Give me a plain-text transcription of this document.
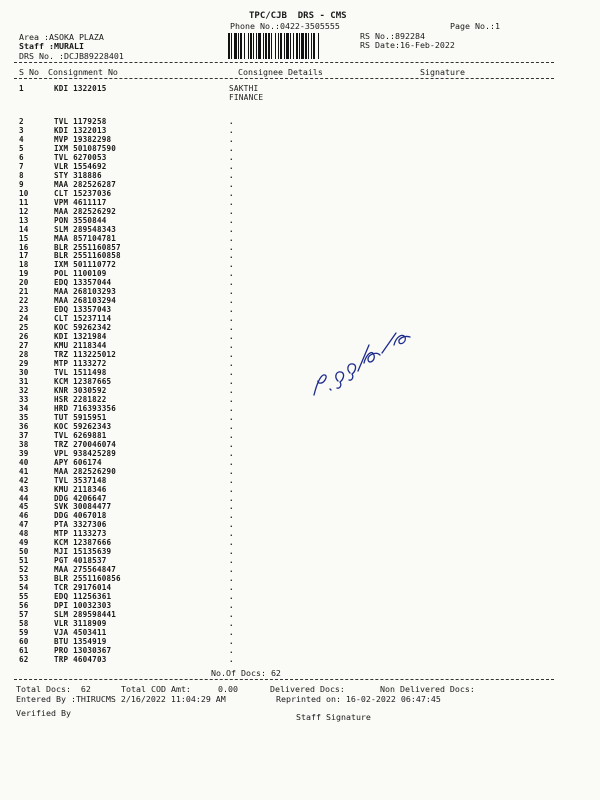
TPC/CJB  DRS - CMS
Phone No.:0422-3505555	Page No.:1
Area :ASOKA PLAZA
Staff :MURALI
DRS No. :DCJB89228401
RS No.:892284
RS Date:16-Feb-2022
S No Consignment No	Consignee Details	Signature
1	KDI 1322015	SAKTHI FINANCE
2	TVL 1179258	.
3	KDI 1322013	.
4	MVP 19382298	.
5	IXM 501087590	.
6	TVL 6270053	.
7	VLR 1554692	.
8	STY 318886	.
9	MAA 282526287	.
10	CLT 15237036	.
11	VPM 4611117	.
12	MAA 282526292	.
13	PON 3550844	.
14	SLM 289548343	.
15	MAA 857104781	.
16	BLR 2551160857	.
17	BLR 2551160858	.
18	IXM 501110772	.
19	POL 1100109	.
20	EDQ 13357044	.
21	MAA 268103293	.
22	MAA 268103294	.
23	EDQ 13357043	.
24	CLT 15237114	.
25	KOC 59262342	.
26	KDI 1321984	.
27	KMU 2118344	.
28	TRZ 113225012	.
29	MTP 1133272	.
30	TVL 1511498	.
31	KCM 12387665	.
32	KNR 3030592	.
33	HSR 2281822	.
34	HRD 716393356	.
35	TUT 5915951	.
36	KOC 59262343	.
37	TVL 6269881	.
38	TRZ 270046074	.
39	VPL 938425289	.
40	APY 606174	.
41	MAA 282526290	.
42	TVL 3537148	.
43	KMU 2118346	.
44	DDG 4206647	.
45	SVK 30084477	.
46	DDG 4067018	.
47	PTA 3327306	.
48	MTP 1133273	.
49	KCM 12387666	.
50	MJI 15135639	.
51	PGT 4018537	.
52	MAA 275564847	.
53	BLR 2551160856	.
54	TCR 29176014	.
55	EDQ 11256361	.
56	DPI 10032303	.
57	SLM 289598441	.
58	VLR 3118909	.
59	VJA 4503411	.
60	BTU 1354919	.
61	PRO 13030367	.
62	TRP 4604703	.
No.Of Docs: 62
Total Docs:  62	Total COD Amt:	0.00	Delivered Docs:	Non Delivered Docs:
Entered By :THIRUCMS 2/16/2022 11:04:29 AM	Reprinted on: 16-02-2022 06:47:45
Verified By	Staff Signature
